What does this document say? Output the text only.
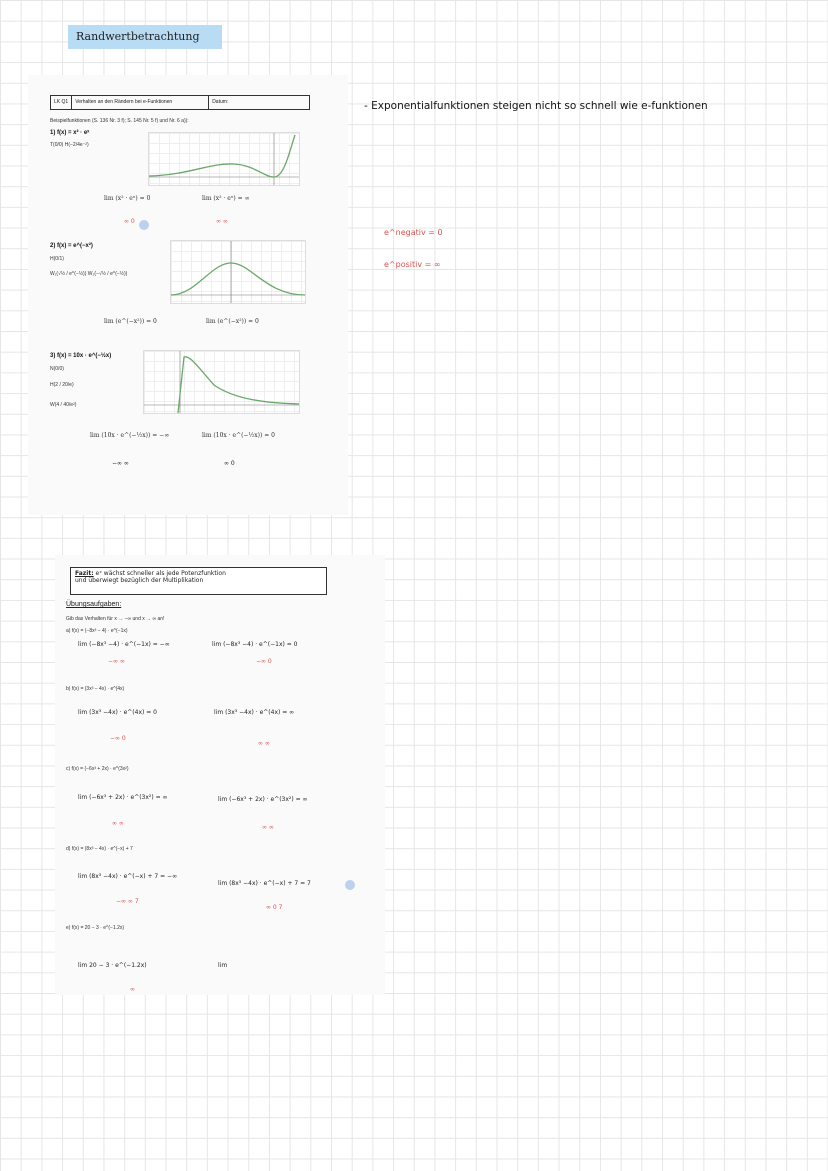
Randwertbetrachtung
LK Q1	Verhalten an den Rändern bei e-Funktionen	Datum:
Beispielfunktionen (S. 136 Nr. 3 f); S. 145 Nr. 5 f) und Nr. 6 a)):
1) f(x) = x² · eˣ
T(0/0) H(−2/4e⁻²)
lim (x² · eˣ) = 0
∞ 0
lim (x² · eˣ) = ∞
∞ ∞
2) f(x) = e^(−x²)
H(0/1)
W₁(√½ / e^(−½)) W₂(−√½ / e^(−½))
lim (e^(−x²)) = 0	lim (e^(−x²)) = 0
3) f(x) = 10x · e^(−½x)
N(0/0)
H(2 / 20/e)
W(4 / 40/e²)
lim (10x · e^(−½x)) = −∞
−∞ ∞
lim (10x · e^(−½x)) = 0
∞ 0
Fazit: eˣ wächst schneller als jede Potenzfunktion
und überwiegt bezüglich der Multiplikation
Übungsaufgaben:
Gib das Verhalten für x → −∞ und x → ∞ an!
a) f(x) = (−8x³ − 4) · e^(−1x)
lim (−8x³ −4) · e^(−1x) = −∞
−∞ ∞
lim (−8x³ −4) · e^(−1x) = 0
−∞ 0
b) f(x) = (3x³ − 4x) · e^(4x)
lim (3x³ −4x) · e^(4x) = 0
−∞ 0
lim (3x³ −4x) · e^(4x) = ∞
∞ ∞
c) f(x) = (−6x³ + 2x) · e^(3x²)
lim (−6x³ + 2x) · e^(3x²) = ∞
∞ ∞
lim (−6x³ + 2x) · e^(3x²) = ∞
∞ ∞
d) f(x) = (8x³ − 4x) · e^(−x) + 7
lim (8x³ −4x) · e^(−x) + 7 = −∞
−∞ ∞ 7
lim (8x³ −4x) · e^(−x) + 7 = 7
∞ 0 7
e) f(x) = 20 − 3 · e^(−1.2x)
lim 20 − 3 · e^(−1.2x)
∞
lim
- Exponentialfunktionen steigen nicht so schnell wie e-funktionen
e^negativ = 0
e^positiv = ∞
